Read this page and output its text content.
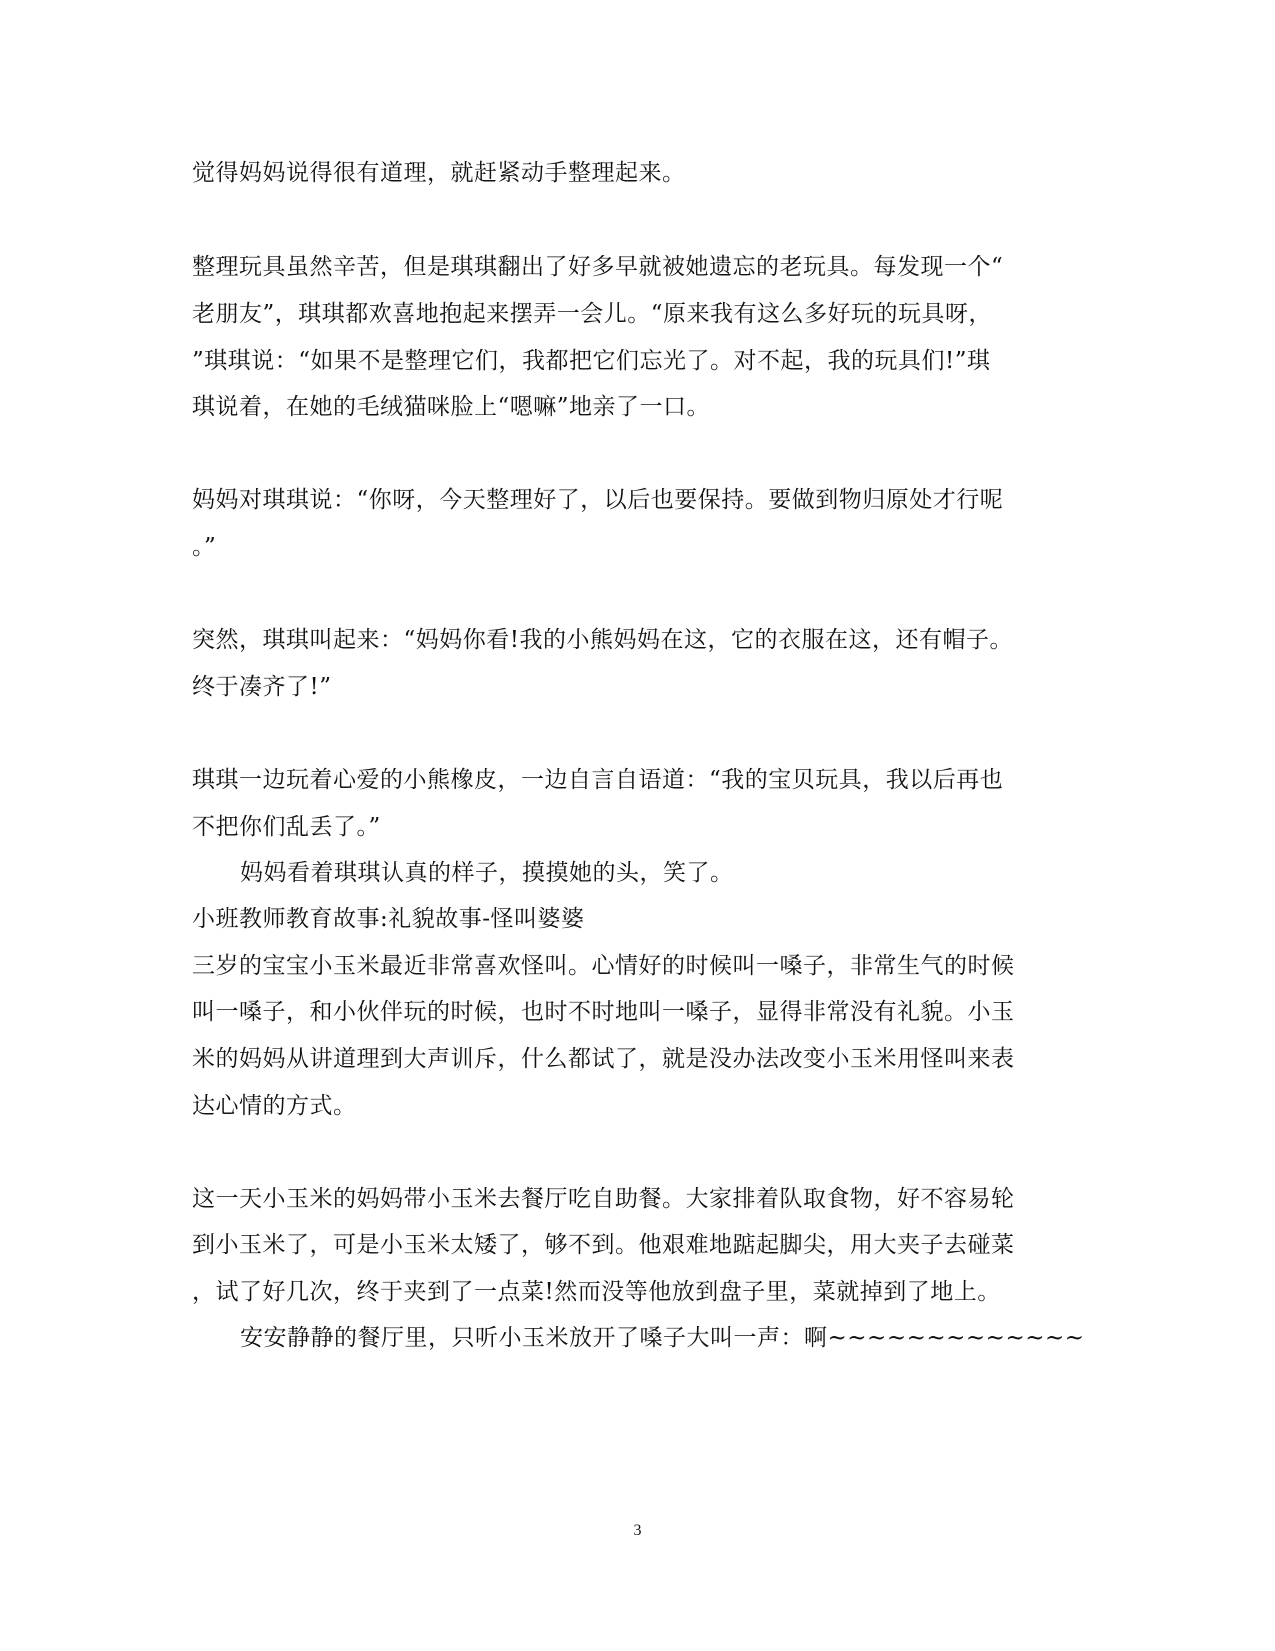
觉得妈妈说得很有道理，就赶紧动手整理起来。
整理玩具虽然辛苦，但是琪琪翻出了好多早就被她遗忘的老玩具。每发现一个“
老朋友”，琪琪都欢喜地抱起来摆弄一会儿。“原来我有这么多好玩的玩具呀，
”琪琪说：“如果不是整理它们，我都把它们忘光了。对不起，我的玩具们!”琪
琪说着，在她的毛绒猫咪脸上“嗯嘛”地亲了一口。
妈妈对琪琪说：“你呀，今天整理好了，以后也要保持。要做到物归原处才行呢
。”
突然，琪琪叫起来：“妈妈你看!我的小熊妈妈在这，它的衣服在这，还有帽子。
终于凑齐了!”
琪琪一边玩着心爱的小熊橡皮，一边自言自语道：“我的宝贝玩具，我以后再也
不把你们乱丢了。”
妈妈看着琪琪认真的样子，摸摸她的头，笑了。
小班教师教育故事:礼貌故事-怪叫婆婆
三岁的宝宝小玉米最近非常喜欢怪叫。心情好的时候叫一嗓子，非常生气的时候
叫一嗓子，和小伙伴玩的时候，也时不时地叫一嗓子，显得非常没有礼貌。小玉
米的妈妈从讲道理到大声训斥，什么都试了，就是没办法改变小玉米用怪叫来表
达心情的方式。
这一天小玉米的妈妈带小玉米去餐厅吃自助餐。大家排着队取食物，好不容易轮
到小玉米了，可是小玉米太矮了，够不到。他艰难地踮起脚尖，用大夹子去碰菜
，试了好几次，终于夹到了一点菜!然而没等他放到盘子里，菜就掉到了地上。
安安静静的餐厅里，只听小玉米放开了嗓子大叫一声：啊~~~~~~~~~~~~~
3
